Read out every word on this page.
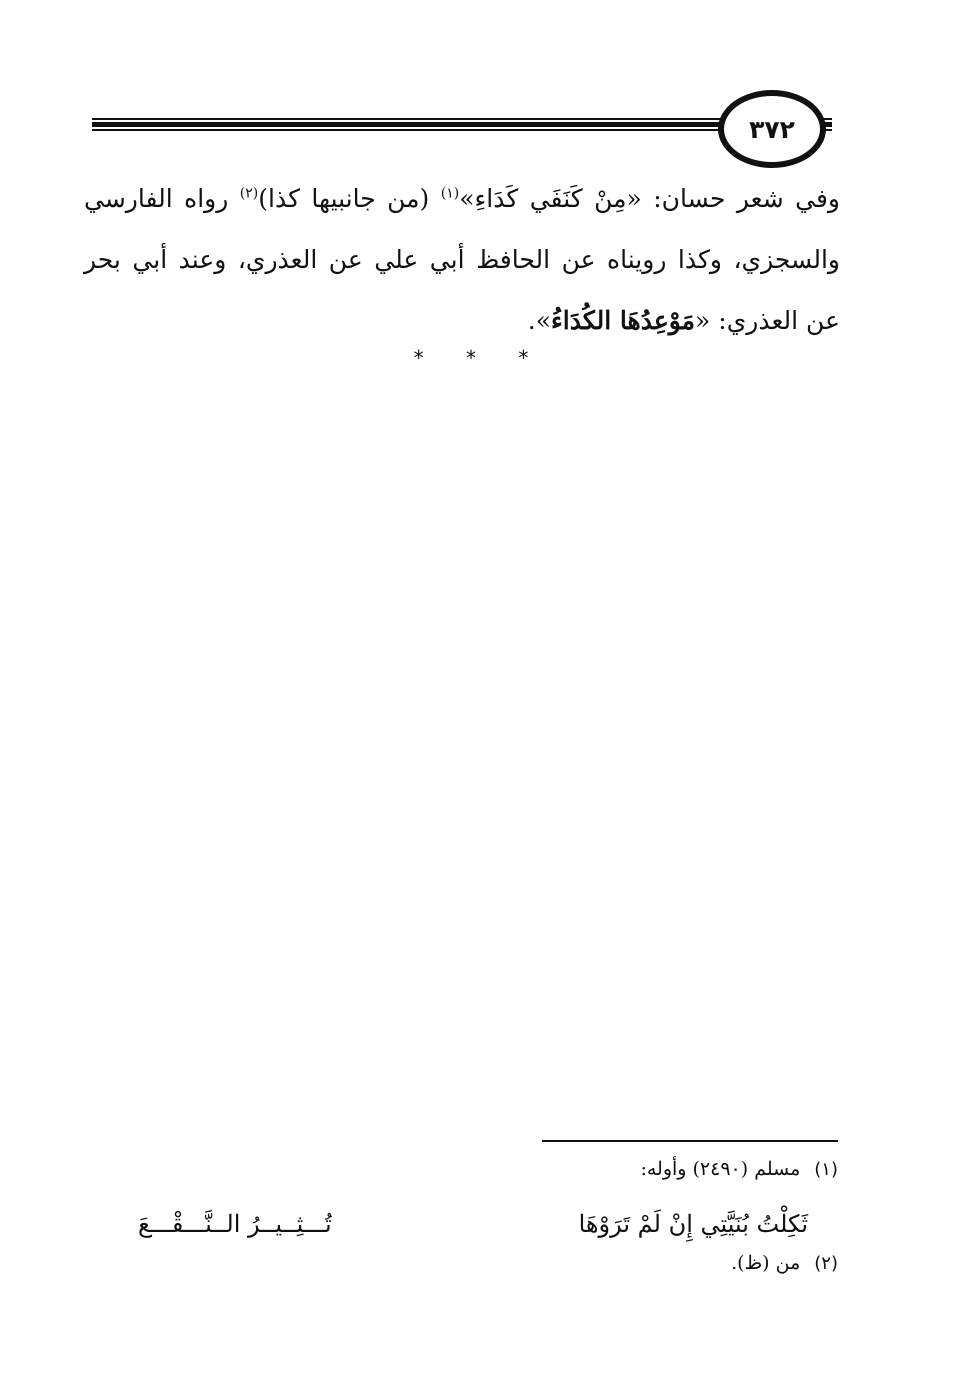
٣٧٢

وفي شعر حسان: «مِنْ كَنَفَي كَدَاءِ»$^{(١)}$ (من جانبيها كذا)$^{(٢)}$ رواه الفارسي والسجزي، وكذا رويناه عن الحافظ أبي علي عن العذري، وعند أبي بحر عن العذري: «مَوْعِدُهَا الكُدَاءُ».

* * *
(١)
مسلم (٢٤٩٠) وأوله:
ثَكِلْتُ بُنَيَّتِي إِنْ لَمْ تَرَوْهَا
تُـــثِــيــرُ الــنَّـــقْـــعَ
(٢)
من (ظ).
